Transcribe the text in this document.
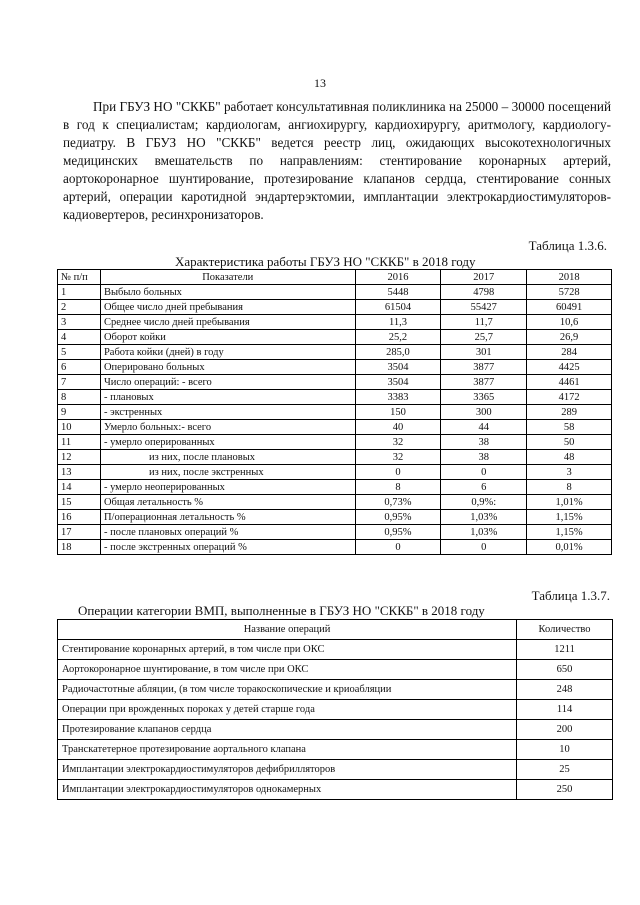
13

При ГБУЗ НО "СККБ" работает консультативная поликлиника на 25000 – 30000 посещений в год к специалистам; кардиологам, ангиохирургу, кардиохирургу, аритмологу, кардиологу-педиатру. В ГБУЗ НО "СККБ" ведется реестр лиц, ожидающих высокотехнологичных медицинских вмешательств по направлениям: стентирование коронарных артерий, аортокоронарное шунтирование, протезирование клапанов сердца, стентирование сонных артерий, операции каротидной эндартерэктомии, имплантации электрокардиостимуляторов-кадиовертеров, ресинхронизаторов.

Таблица 1.3.6.
Характеристика работы ГБУЗ НО "СККБ" в 2018 году
№ п/п	Показатели	2016	2017	2018
1	Выбыло больных	5448	4798	5728
2	Общее число дней пребывания	61504	55427	60491
3	Среднее число дней пребывания	11,3	11,7	10,6
4	Оборот койки	25,2	25,7	26,9
5	Работа койки (дней) в году	285,0	301	284
6	Оперировано больных	3504	3877	4425
7	Число операций: - всего	3504	3877	4461
8	- плановых	3383	3365	4172
9	- экстренных	150	300	289
10	Умерло больных:- всего	40	44	58
11	- умерло оперированных	32	38	50
12	из них, после плановых	32	38	48
13	из них, после экстренных	0	0	3
14	- умерло неоперированных	8	6	8
15	Общая летальность %	0,73%	0,9%:	1,01%
16	П/операционная летальность %	0,95%	1,03%	1,15%
17	- после плановых операций %	0,95%	1,03%	1,15%
18	- после экстренных операций %	0	0	0,01%
Таблица 1.3.7.
Операции категории ВМП, выполненные в ГБУЗ НО "СККБ" в 2018 году
Название операций	Количество
Стентирование коронарных артерий, в том числе при ОКС	1211
Аортокоронарное шунтирование, в том числе при ОКС	650
Радиочастотные абляции, (в том числе торакоскопические и криоабляции	248
Операции при врожденных пороках у детей старше года	114
Протезирование клапанов сердца	200
Транскатетерное протезирование аортального клапана	10
Имплантации электрокардиостимуляторов дефибрилляторов	25
Имплантации электрокардиостимуляторов однокамерных	250
